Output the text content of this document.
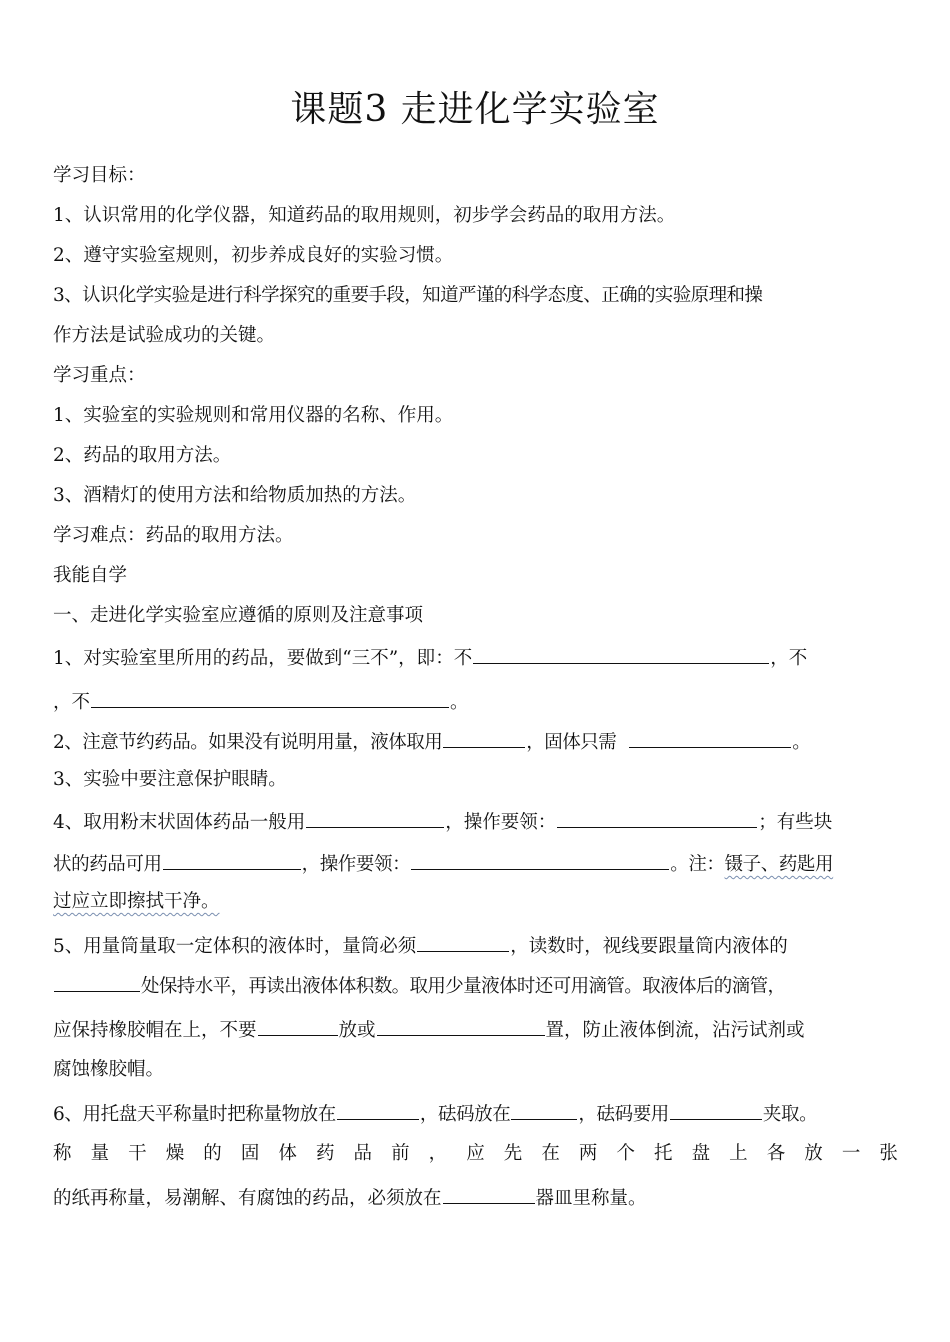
课题3 走进化学实验室
学习目标：
1、认识常用的化学仪器，知道药品的取用规则，初步学会药品的取用方法。
2、遵守实验室规则，初步养成良好的实验习惯。
3、认识化学实验是进行科学探究的重要手段，知道严谨的科学态度、正确的实验原理和操
作方法是试验成功的关键。
学习重点：
1、实验室的实验规则和常用仪器的名称、作用。
2、药品的取用方法。
3、酒精灯的使用方法和给物质加热的方法。
学习难点：药品的取用方法。
我能自学
一、走进化学实验室应遵循的原则及注意事项
1、对实验室里所用的药品，要做到“三不”，即：不	，不
，不	。
2、注意节约药品。如果没有说明用量，液体取用	，固体只需	。
3、实验中要注意保护眼睛。
4、取用粉末状固体药品一般用	，操作要领：	；有些块
状的药品可用	，操作要领：	。注：镊子、药匙用
过应立即擦拭干净。
5、用量筒量取一定体积的液体时，量筒必须	，读数时，视线要跟量筒内液体的
处保持水平，再读出液体体积数。取用少量液体时还可用滴管。取液体后的滴管，
应保持橡胶帽在上，不要	放或	置，防止液体倒流，沾污试剂或
腐蚀橡胶帽。
6、用托盘天平称量时把称量物放在	，砝码放在	，砝码要用	夹取。
称 量 干 燥 的 固 体 药 品 前 ， 应 先 在 两 个 托 盘 上 各 放 一 张
的纸再称量，易潮解、有腐蚀的药品，必须放在	器皿里称量。
